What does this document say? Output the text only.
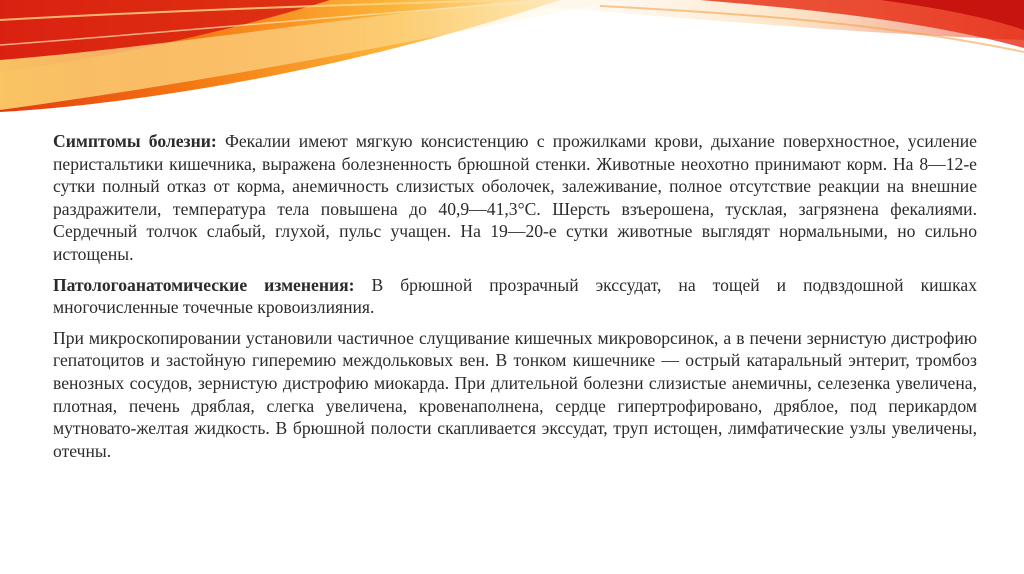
Симптомы болезни: Фекалии имеют мягкую консистенцию с прожилками крови, дыхание поверхностное, усиление перистальтики кишечника, выражена болезненность брюшной стенки. Животные неохотно принимают корм. На 8—12-е сутки полный отказ от корма, анемичность слизистых оболочек, залеживание, полное отсутствие реакции на внешние раздражители, температура тела повышена до 40,9—41,3°С. Шерсть взъерошена, тусклая, загрязнена фекалиями. Сердечный толчок слабый, глухой, пульс учащен. На 19—20-е сутки животные выглядят нормальными, но сильно истощены.

Патологоанатомические изменения: В брюшной прозрачный экссудат, на тощей и подвздошной кишках многочисленные точечные кровоизлияния.

При микроскопировании установили частичное слущивание кишечных микроворсинок, а в печени зернистую дистрофию гепатоцитов и застойную гиперемию междольковых вен. В тонком кишечнике — острый катаральный энтерит, тромбоз венозных сосудов, зернистую дистрофию миокарда. При длительной болезни слизистые анемичны, селезенка увеличена, плотная, печень дряблая, слегка увеличена, кровенаполнена, сердце гипертрофировано, дряблое, под перикардом мутновато-желтая жидкость. В брюшной полости скапливается экссудат, труп истощен, лимфатические узлы увеличены, отечны.
